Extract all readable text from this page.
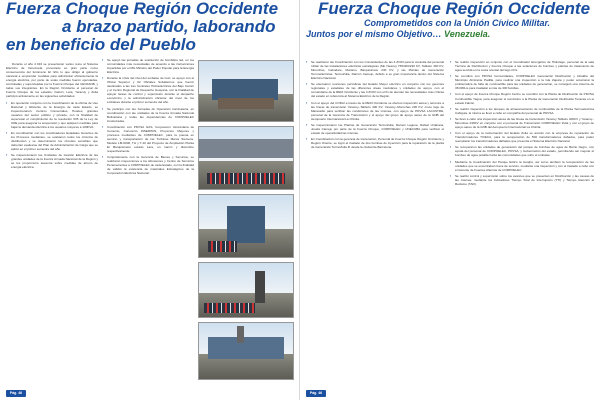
Fuerza Choque Región Occidente
a brazo partido, laborando
en beneficio del Pueblo

Durante el año 2.016 se presentaron varios retos al Sistema Eléctrico de Venezuela, provocado en gran parte como consecuencia del fenómeno El niño lo que obligó al gobierno nacional a emprender medidas para administrar eficientemente la energía eléctrica, por parte de estas medidas fueron ejecutadas, controladas y supervisadas por la Fuerza Choque del CEOFANB, y todas sus integrantes. En la Región Occidente el personal de Fuerza Choque de los estados: Falcón, Lara, Yaracuy y Zulia participó activamente en las siguientes actividades:

▪ En operación conjunto con la Coordinación de la oficina de Uso Racional y Eficiente de la Energía de cada Estado, se inspeccionaron: Centros Comerciales, Hoteles, grandes usuarios del sector público y privado, con la finalidad de supervisar el cumplimiento de la resolución 035 de la Ley de URE para asegurar la suspensión y que apliquen medidas para bajar la demanda eléctrica a los usuarios mayores a 100KVA.
▪ En coordinación con los coordinadores Estadales Gerentes de los Procesos mediantes, se evaluaron todos los circuitos de distribución y se determinaron los circuitos sensibles que deberían evaluarse del Plan de Administración de Carga que se aplicó en el primer semestre del año.
▪ Se inspeccionaron las Unidades de Gestión Eléctrica de las grandes unidades de la Fuerza Armada Nacional de la Región y se les proporcionó asesoría sobre medidas de ahorro de energía eléctrica.
▪ Se apoyó las jornadas de sustitución de bombillos led, en los comunidades más necesitadas de acuerdo a las instrucciones impartidas por el MG Ministro del Poder Popular para la Energía Eléctrica.
▪ Durante la crisis del nivel del embalse de Guri, se apoyó con el Oficial Superior y 02 Oficiales Subalternos que fueron destinados a las tres Centrales Hidroeléctricas del Bajo Caroní y el Centro Regional de Despacho Guayana, con la finalidad de apoyar tareas de control y supervisión durante el despacho económico y la administración eficiente del nivel de los embalses durante el primer semestre del año.
▪ Se participó con las Jornadas de Operación Cardi-alerta, en coordinación con las unidades de la Fuerza Armada Nacional Bolivariana y todas las dependencias de CORPOELEC involucradas.
▪ Coordinación con PDVSA GAS, Corposcom Venezolana de Cemento, Consorcio INSERWIN, Proyectos Mayores y procesos mediantes de CORPOELEC, para la puesta en servicio y transportación de las Turbinas Marca Siemens, Modelo LM-6000, TG y T-10 del Proyecto de Ampliación Planta El Barquisimeto estado Lara, en marzo y diciembre respectivamente.
▪ Conjuntamente con la Gerencia de Bienes y Servicios, se realizaron inspecciones a los Almacenes y Centro de Servicios Pertenecientes a CORPOELEC de cada Estado, con la finalidad de validar la existencia de materiales Estratégicos de la Corporación Eléctrica Nacional.
Pág. 46
Fuerza Choque Región Occidente
Comprometidos con la Unión Cívico Militar.
Juntos por el mismo Objetivo… Venezuela.
▪ Se realizaron las Coordinación con los Comandantes de las 4 ZODI para la custodia del personal militar de las instalaciones eléctricas estratégicas (SE Yaracuy 765/400/230 KV, Tablazo 400 KV, Morochas, Cabudare, Mariano, Barquisimeto 230 KV, y las Plantas de Generación Termoeléctricas: TermoZulia, Ramón Camejo, debido a su gran importancia dentro del Sistema Eléctrico Nacional.
▪ Se efectuaron reuniones periódicas del Estado Mayor eléctrico en conjunto con los gerentes regionales y estadales de las diferentes áreas medulares y unidades de apoyo, con el comandante de la REDI Occidente y las 4 ZODI con el fin de atender las necesidades más críticas del estado en referencia al Sistema Eléctrico de la Región.
▪ Con el apoyo del CODAI a través de la REDI Occidente se efectuó inspección aérea y terrestre a las líneas de transmisión Yaracuy–Tablazo 400 KV, Yaracuy–Morochas 230 KV, cruce lago de Maracaibo para verificar las condiciones de las mismas, con apoyo de PDVSA LACUSTRE, personal de la Gerencia de Transmisión y el apoyo del grupo de apoyo aéreo de la GNB del Aeropuerto Internacional La Chinita.
▪ Se inspeccionaron las Plantas de Generación TermoZulia, Ramón Laguna, Rafael Urdaneta, Josefa Camejo por parte de la Fuerza Choque, CORPOELEC y UNECUBA para verificar el estado de operatividad las mismas.
▪ En Coordinación con la gerencia de Generación, Personal de Fuerza Choque Región Occidente y Región Oriente, se logró el traslado de dos bombas de inyección para la reparación de la planta de Generación TermoZulia III desde la ciudad de Barcelona.
▪ Se realizó inspección en conjunto con el Coordinador Energético de Hidrolago, personal de la sala Técnica de Distribución y Fuerza Choque a las estaciones de bombeo y plantas de tratamiento de agua servida en la costa oriental del lago COL.
▪ Se coordinó con PDVSA Comunidades, CORPOELEC Generación Distribución y Alcaldía del Municipio Almirante Padilla, para realizar una inspección a la Isla Zapara y poder solucionar la problemática de falta de combustible para las unidades de generación, se consiguió una cisterna de 38.000Lts para trasladar a más de 300 familias.
▪ Con el apoyo de Fuerza Choque Región Centro se coordinó con la Planta de Distribución de PDVSA Combustible Yagua, para asegurar el suministro a la Planta de Generación Distribuida Tucacas en el estado Falcón.
▪ Se realizó inspección a los tanques de almacenamiento de combustible de la Planta Termoeléctrica Cabiguia, la misma se llevó a cabo en compañía del personal de PDVSA.
▪ Se llevó a cabo una inspección aérea de las líneas de transmisión Yaracuy Tablazo 400KV y Yaracuy–Morochas 230KV en conjunto con el personal de Transmisión CORPOELEC Zulia y con el grupo de apoyo aéreo de la GNB del Aeropuerto Internacional La Chinita.
▪ Con el apoyo de la Gobernación del Estado Zulia se acordó con la empresa de reparación de Transformadores TIVECA, para la recuperación de 500 transformadores dañados, para poder reemplazar los transformadores dañados que presenta el Sistema Eléctrico Nacional.
▪ Se recuperaron las unidades de generación del parque de bombeo de agua de Barrio Negro, con ayuda del personal de CORPOELEC, PDVSA, y Gobernación del estado, permitiendo así mejorar el bombeo de agua potable hacia las comunidades que sufre el embalse.
▪ Mediante la Coordinación del Parque Eólico la Guajira, así como también la recuperación de las unidades que se encontraban fuera de servicio, mediante una inspección y con el traslado a cabo con el Gerente de Fuentes Alternas de CORPOELEC.
▪ Se realizó control y supervisión sobre los avances que se presentan en Distribución y las causas de las mismas, mediante los indicadores Tiempo Total de Interrupción (TTI) y Tiempo Atención al Reclamo (TAR).
Pág. 46
